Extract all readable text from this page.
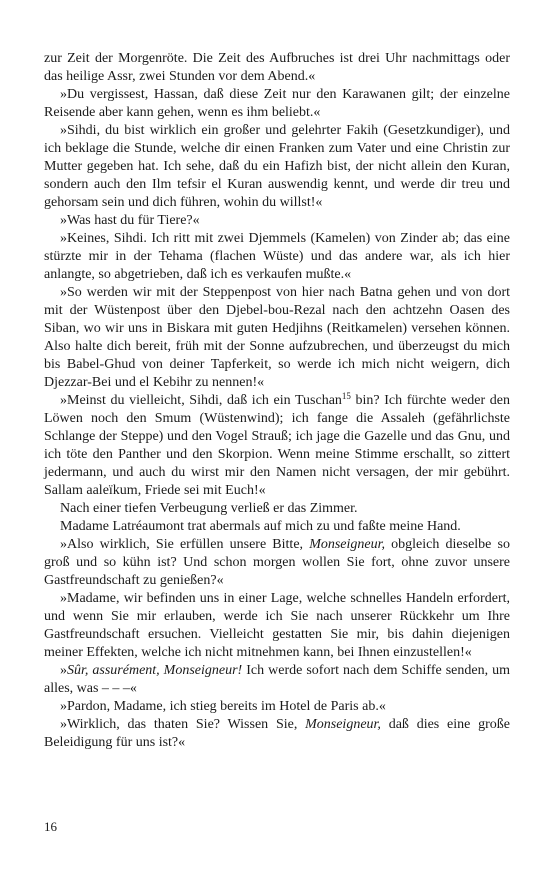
zur Zeit der Morgenröte. Die Zeit des Aufbruches ist drei Uhr nachmittags oder das heilige Assr, zwei Stunden vor dem Abend.«

»Du vergissest, Hassan, daß diese Zeit nur den Karawanen gilt; der einzelne Reisende aber kann gehen, wenn es ihm beliebt.«

»Sihdi, du bist wirklich ein großer und gelehrter Fakih (Gesetzkundiger), und ich beklage die Stunde, welche dir einen Franken zum Vater und eine Christin zur Mutter gegeben hat. Ich sehe, daß du ein Hafizh bist, der nicht allein den Kuran, sondern auch den Ilm tefsir el Kuran auswendig kennt, und werde dir treu und gehorsam sein und dich führen, wohin du willst!«

»Was hast du für Tiere?«

»Keines, Sihdi. Ich ritt mit zwei Djemmels (Kamelen) von Zinder ab; das eine stürzte mir in der Tehama (flachen Wüste) und das andere war, als ich hier anlangte, so abgetrieben, daß ich es verkaufen mußte.«

»So werden wir mit der Steppenpost von hier nach Batna gehen und von dort mit der Wüstenpost über den Djebel-bou-Rezal nach den achtzehn Oasen des Siban, wo wir uns in Biskara mit guten Hedjihns (Reitkamelen) versehen können. Also halte dich bereit, früh mit der Sonne aufzubrechen, und überzeugst du mich bis Babel-Ghud von deiner Tapferkeit, so werde ich mich nicht weigern, dich Djezzar-Bei und el Kebihr zu nennen!«

»Meinst du vielleicht, Sihdi, daß ich ein Tuschan$^{15}$ bin? Ich fürchte weder den Löwen noch den Smum (Wüstenwind); ich fange die Assaleh (gefährlichste Schlange der Steppe) und den Vogel Strauß; ich jage die Gazelle und das Gnu, und ich töte den Panther und den Skorpion. Wenn meine Stimme erschallt, so zittert jedermann, und auch du wirst mir den Namen nicht versagen, der mir gebührt. Sallam aaleïkum, Friede sei mit Euch!«

Nach einer tiefen Verbeugung verließ er das Zimmer.

Madame Latréaumont trat abermals auf mich zu und faßte meine Hand.

»Also wirklich, Sie erfüllen unsere Bitte, Monseigneur, obgleich dieselbe so groß und so kühn ist? Und schon morgen wollen Sie fort, ohne zuvor unsere Gastfreundschaft zu genießen?«

»Madame, wir befinden uns in einer Lage, welche schnelles Handeln erfordert, und wenn Sie mir erlauben, werde ich Sie nach unserer Rückkehr um Ihre Gastfreundschaft ersuchen. Vielleicht gestatten Sie mir, bis dahin diejenigen meiner Effekten, welche ich nicht mitnehmen kann, bei Ihnen einzustellen!«

»Sûr, assurément, Monseigneur! Ich werde sofort nach dem Schiffe senden, um alles, was – – –«

»Pardon, Madame, ich stieg bereits im Hotel de Paris ab.«

»Wirklich, das thaten Sie? Wissen Sie, Monseigneur, daß dies eine große Beleidigung für uns ist?«

16
